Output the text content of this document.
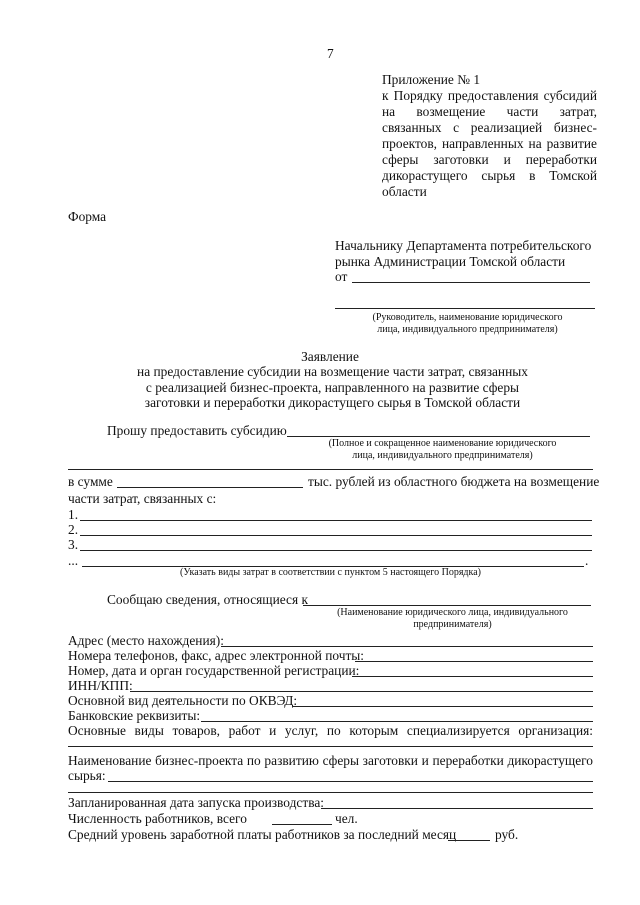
7
Приложение № 1
к Порядку предоставления субсидий
на возмещение части затрат,
связанных с реализацией бизнес-
проектов, направленных на развитие
сферы заготовки и переработки
дикорастущего сырья в Томской
области
Форма
Начальнику Департамента потребительского
рынка Администрации Томской области
от
(Руководитель, наименование юридического
лица, индивидуального предпринимателя)
Заявление
на предоставление субсидии на возмещение части затрат, связанных
с реализацией бизнес-проекта, направленного на развитие сферы
заготовки и переработки дикорастущего сырья в Томской области
Прошу предоставить субсидию
(Полное и сокращенное наименование юридического
лица, индивидуального предпринимателя)
в сумме	тыс. рублей из областного бюджета на возмещение
части затрат, связанных с:
1.
2.
3.
...	.
(Указать виды затрат в соответствии с пунктом 5 настоящего Порядка)
Сообщаю сведения, относящиеся к
(Наименование юридического лица, индивидуального
предпринимателя)
Адрес (место нахождения):
Номера телефонов, факс, адрес электронной почты:
Номер, дата и орган государственной регистрации:
ИНН/КПП:
Основной вид деятельности по ОКВЭД:
Банковские реквизиты:
Основные виды товаров, работ и услуг, по которым специализируется организация:
Наименование бизнес-проекта по развитию сферы заготовки и переработки дикорастущего
сырья:
Запланированная дата запуска производства:
Численность работников, всего	чел.
Средний уровень заработной платы работников за последний месяц	руб.
